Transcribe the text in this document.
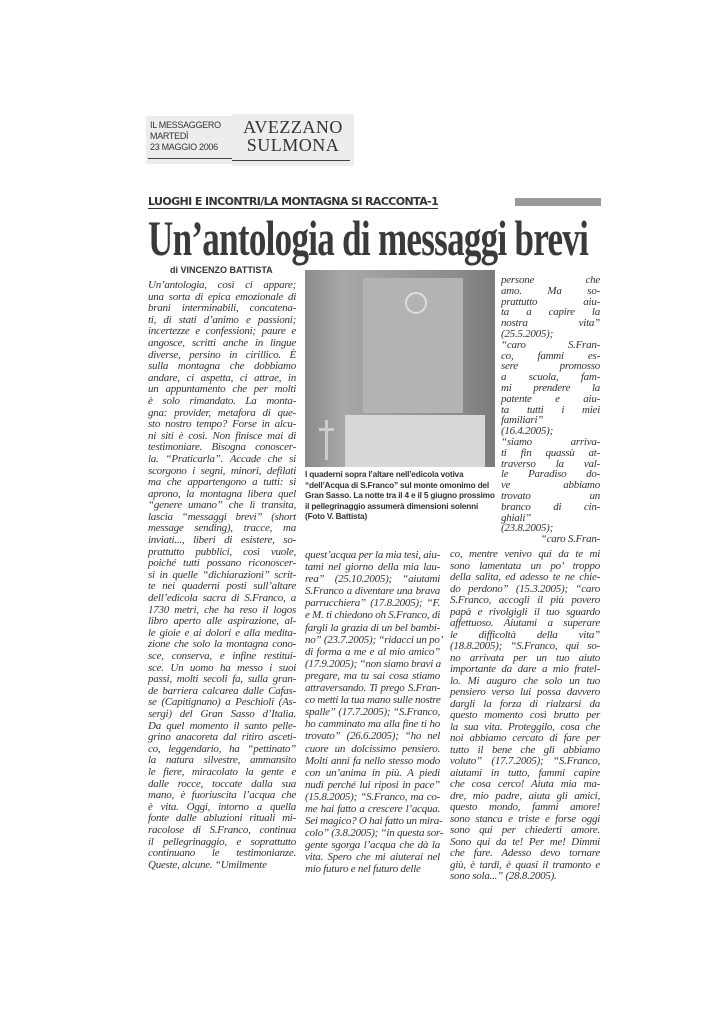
IL MESSAGGERO
MARTEDÌ
23 MAGGIO 2006
AVEZZANO
SULMONA
LUOGHI E INCONTRI/LA MONTAGNA SI RACCONTA-1
Un’antologia di messaggi brevi
di VINCENZO BATTISTA
Un’antologia, così ci appare;
una sorta di epica emozionale di
brani interminabili, concatena-
ti, di stati d’animo e passioni;
incertezze e confessioni; paure e
angosce, scritti anche in lingue
diverse, persino in cirillico. È
sulla montagna che dobbiamo
andare, ci aspetta, ci attrae, in
un appuntamento che per molti
è solo rimandato. La monta-
gna: provider, metafora di que-
sto nostro tempo? Forse in alcu-
ni siti è così. Non finisce mai di
testimoniare. Bisogna conoscer-
la. “Praticarla”. Accade che si
scorgono i segni, minori, defilati
ma che appartengono a tutti: si
aprono, la montagna libera quel
“genere umano” che lì transita,
lascia “messaggi brevi” (short
message sending), tracce, ma
inviati..., liberi di esistere, so-
prattutto pubblici, così vuole,
poiché tutti possano riconoscer-
si in quelle “dichiarazioni” scrit-
te nei quaderni posti sull’altare
dell’edicola sacra di S.Franco, a
1730 metri, che ha reso il logos
libro aperto alle aspirazione, al-
le gioie e ai dolori e alla medita-
zione che solo la montagna cono-
sce, conserva, e infine restitui-
sce. Un uomo ha messo i suoi
passi, molti secoli fa, sulla gran-
de barriera calcarea dalle Cafas-
se (Capitignano) a Peschioli (As-
sergi) del Gran Sasso d’Italia.
Da quel momento il santo pelle-
grino anacoreta dal ritiro asceti-
co, leggendario, ha “pettinato”
la natura silvestre, ammansito
le fiere, miracolato la gente e
dalle rocce, toccate dalla sua
mano, è fuoriuscita l’acqua che
è vita. Oggi, intorno a quella
fonte dalle abluzioni rituali mi-
racolose di S.Franco, continua
il pellegrinaggio, e soprattutto
continuano le testimonianze.
Queste, alcune. “Umilmente
I quaderni sopra l’altare nell’edicola votiva “dell’Acqua di S.Franco” sul monte omonimo del Gran Sasso. La notte tra il 4 e il 5 giugno prossimo il pellegrinaggio assumerà dimensioni solenni (Foto V. Battista)
persone che
amo. Ma so-
prattutto aiu-
ta a capire la
nostra vita”
(25.5.2005);
“caro S.Fran-
co, fammi es-
sere promosso
a scuola, fam-
mi prendere la
patente e aiu-
ta tutti i miei
familiari”
(16.4.2005);
“siamo arriva-
ti fin quassù at-
traverso la val-
le Paradiso do-
ve abbiamo
trovato un
branco di cin-
ghiali”
(23.8.2005);
“caro S.Fran-
quest’acqua per la mia tesi, aiu-
tami nel giorno della mia lau-
rea” (25.10.2005); “aiutami
S.Franco a diventare una brava
parrucchiera” (17.8.2005); “F.
e M. ti chiedono oh S.Franco, di
fargli la grazia di un bel bambi-
no” (23.7.2005); “ridacci un po’
di forma a me e al mio amico”
(17.9.2005); “non siamo bravi a
pregare, ma tu sai cosa stiamo
attraversando. Ti prego S.Fran-
co metti la tua mano sulle nostre
spalle” (17.7.2005); “S.Franco,
ho camminato ma alla fine ti ho
trovato” (26.6.2005); “ho nel
cuore un dolcissimo pensiero.
Molti anni fa nello stesso modo
con un’anima in più. A piedi
nudi perché lui riposi in pace”
(15.8.2005); “S.Franco, ma co-
me hai fatto a crescere l’acqua.
Sei magico? O hai fatto un mira-
colo” (3.8.2005); “in questa sor-
gente sgorga l’acqua che dà la
vita. Spero che mi aiuterai nel
mio futuro e nel futuro delle
co, mentre venivo qui da te mi
sono lamentata un po’ troppo
della salita, ed adesso te ne chie-
do perdono” (15.3.2005); “caro
S.Franco, accogli il più povero
papà e rivolgigli il tuo sguardo
affettuoso. Aiutami a superare
le difficoltà della vita”
(18.8.2005); “S.Franco, qui so-
no arrivata per un tuo aiuto
importante da dare a mio fratel-
lo. Mi auguro che solo un tuo
pensiero verso lui possa davvero
dargli la forza di rialzarsi da
questo momento così brutto per
la sua vita. Proteggilo, cosa che
noi abbiamo cercato di fare per
tutto il bene che gli abbiamo
voluto” (17.7.2005); “S.Franco,
aiutami in tutto, fammi capire
che cosa cerco! Aiuta mia ma-
dre, mio padre, aiuta gli amici,
questo mondo, fammi amore!
sono stanca e triste e forse oggi
sono qui per chiederti amore.
Sono qui da te! Per me! Dimmi
che fare. Adesso devo tornare
giù, è tardi, è quasi il tramonto e
sono sola...” (28.8.2005).
